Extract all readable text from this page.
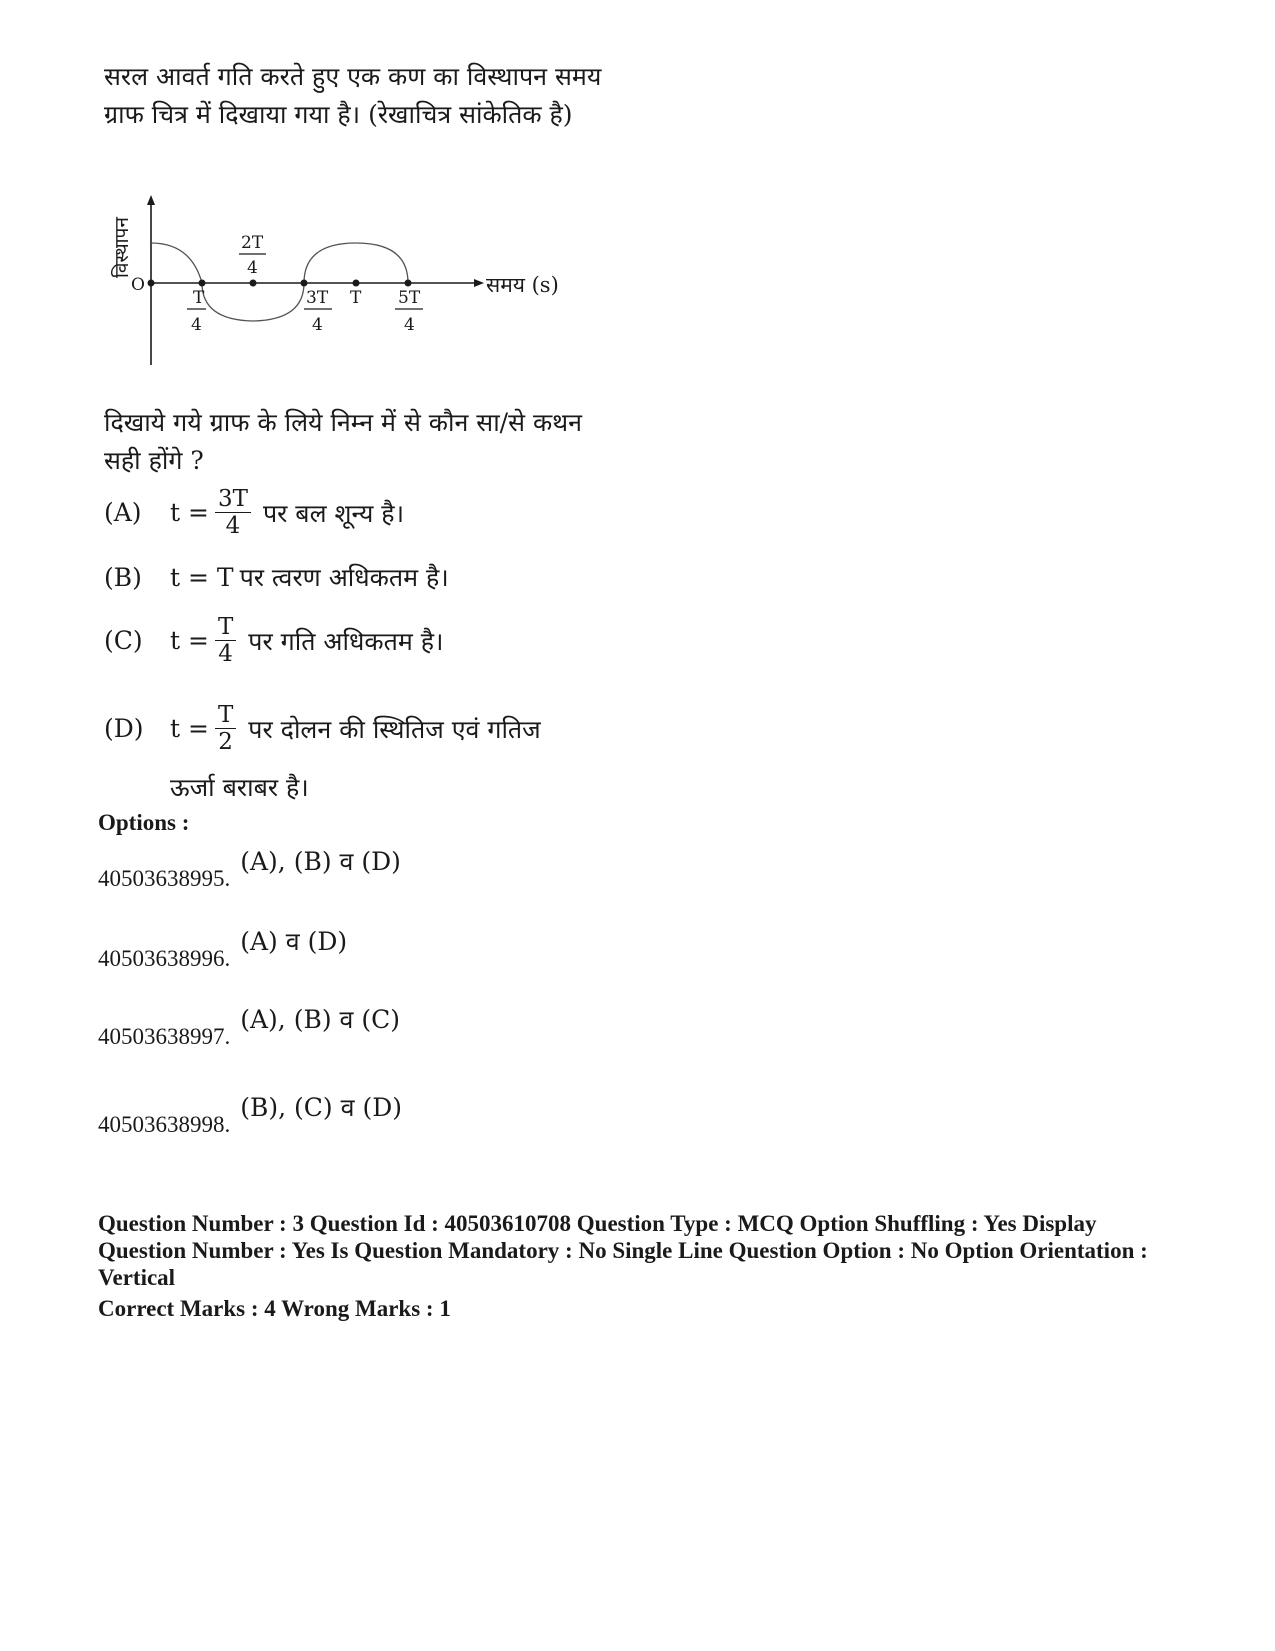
सरल आवर्त गति करते हुए एक कण का विस्थापन समय ग्राफ चित्र में दिखाया गया है। (रेखाचित्र सांकेतिक है)
विस्थापन
O	समय (s)
T
4
2T
4
3T
4
T 5T
4
दिखाये गये ग्राफ के लिये निम्न में से कौन सा/से कथन सही होंगे ?
(A)	$t = \frac{3T}{4}$ पर बल शून्य है।
(B)	t = T पर त्वरण अधिकतम है।
(C)	$t = \frac{T}{4}$ पर गति अधिकतम है।
(D)	$t = \frac{T}{2}$ पर दोलन की स्थितिज एवं गतिज
ऊर्जा बराबर है।
Options :
40503638995.(A), (B) व (D)
40503638996.(A) व (D)
40503638997.(A), (B) व (C)
40503638998.(B), (C) व (D)
Question Number : 3 Question Id : 40503610708 Question Type : MCQ Option Shuffling : Yes Display Question Number : Yes Is Question Mandatory : No Single Line Question Option : No Option Orientation : Vertical
Correct Marks : 4 Wrong Marks : 1
